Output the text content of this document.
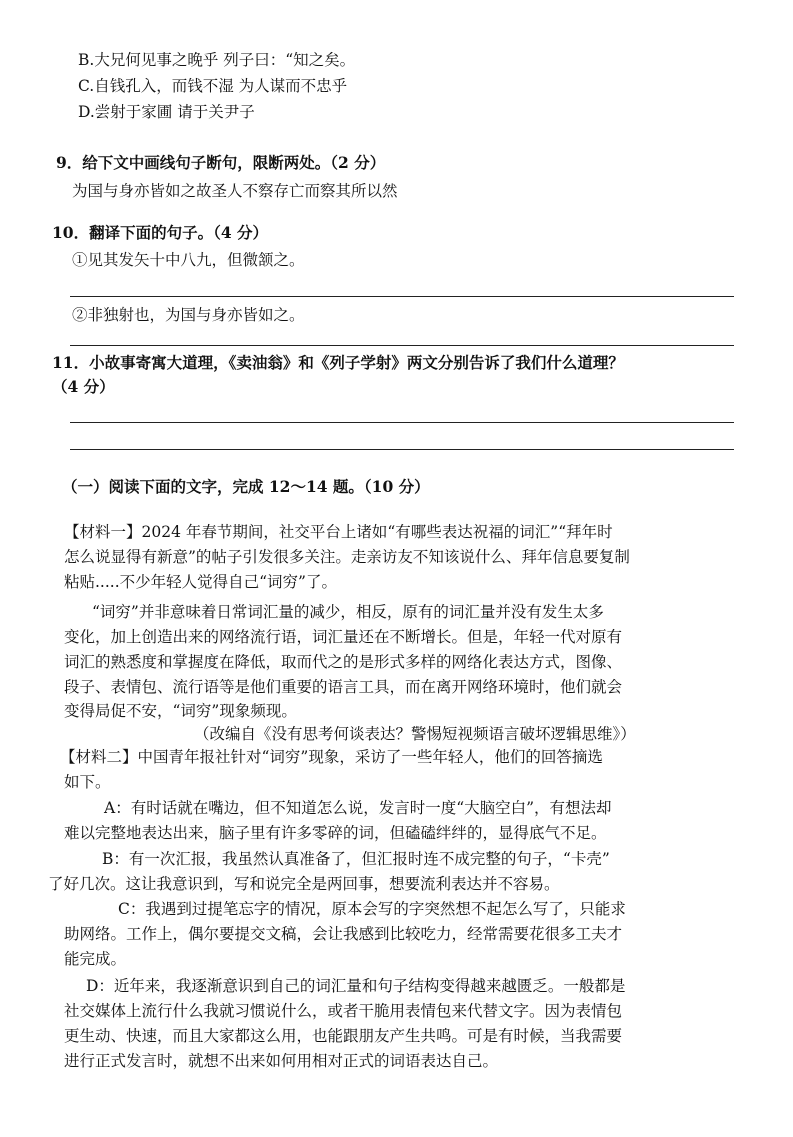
B.大兄何见事之晚乎 列子曰：“知之矣。
C.自钱孔入，而钱不湿 为人谋而不忠乎
D.尝射于家圃 请于关尹子
9．给下文中画线句子断句，限断两处。（2 分）
为国与身亦皆如之故圣人不察存亡而察其所以然
10．翻译下面的句子。（4 分）
①见其发矢十中八九，但微颔之。
②非独射也，为国与身亦皆如之。
11．小故事寄寓大道理，《卖油翁》和《列子学射》两文分别告诉了我们什么道理？
（4 分）
（一）阅读下面的文字，完成 12～14 题。（10 分）
【材料一】2024 年春节期间，社交平台上诸如“有哪些表达祝福的词汇”“拜年时
怎么说显得有新意”的帖子引发很多关注。走亲访友不知该说什么、拜年信息要复制
粘贴.....不少年轻人觉得自己“词穷”了。
“词穷”并非意味着日常词汇量的减少，相反，原有的词汇量并没有发生太多
变化，加上创造出来的网络流行语，词汇量还在不断增长。但是，年轻一代对原有
词汇的熟悉度和掌握度在降低，取而代之的是形式多样的网络化表达方式，图像、
段子、表情包、流行语等是他们重要的语言工具，而在离开网络环境时，他们就会
变得局促不安，“词穷”现象频现。
（改编自《没有思考何谈表达？警惕短视频语言破坏逻辑思维》）
【材料二】中国青年报社针对“词穷”现象，采访了一些年轻人，他们的回答摘选
如下。
A：有时话就在嘴边，但不知道怎么说，发言时一度“大脑空白”，有想法却
难以完整地表达出来，脑子里有许多零碎的词，但磕磕绊绊的，显得底气不足。
B：有一次汇报，我虽然认真准备了，但汇报时连不成完整的句子，“卡壳”
了好几次。这让我意识到，写和说完全是两回事，想要流利表达并不容易。
C：我遇到过提笔忘字的情况，原本会写的字突然想不起怎么写了，只能求
助网络。工作上，偶尔要提交文稿，会让我感到比较吃力，经常需要花很多工夫才
能完成。
D：近年来，我逐渐意识到自己的词汇量和句子结构变得越来越匮乏。一般都是
社交媒体上流行什么我就习惯说什么，或者干脆用表情包来代替文字。因为表情包
更生动、快速，而且大家都这么用，也能跟朋友产生共鸣。可是有时候，当我需要
进行正式发言时，就想不出来如何用相对正式的词语表达自己。
